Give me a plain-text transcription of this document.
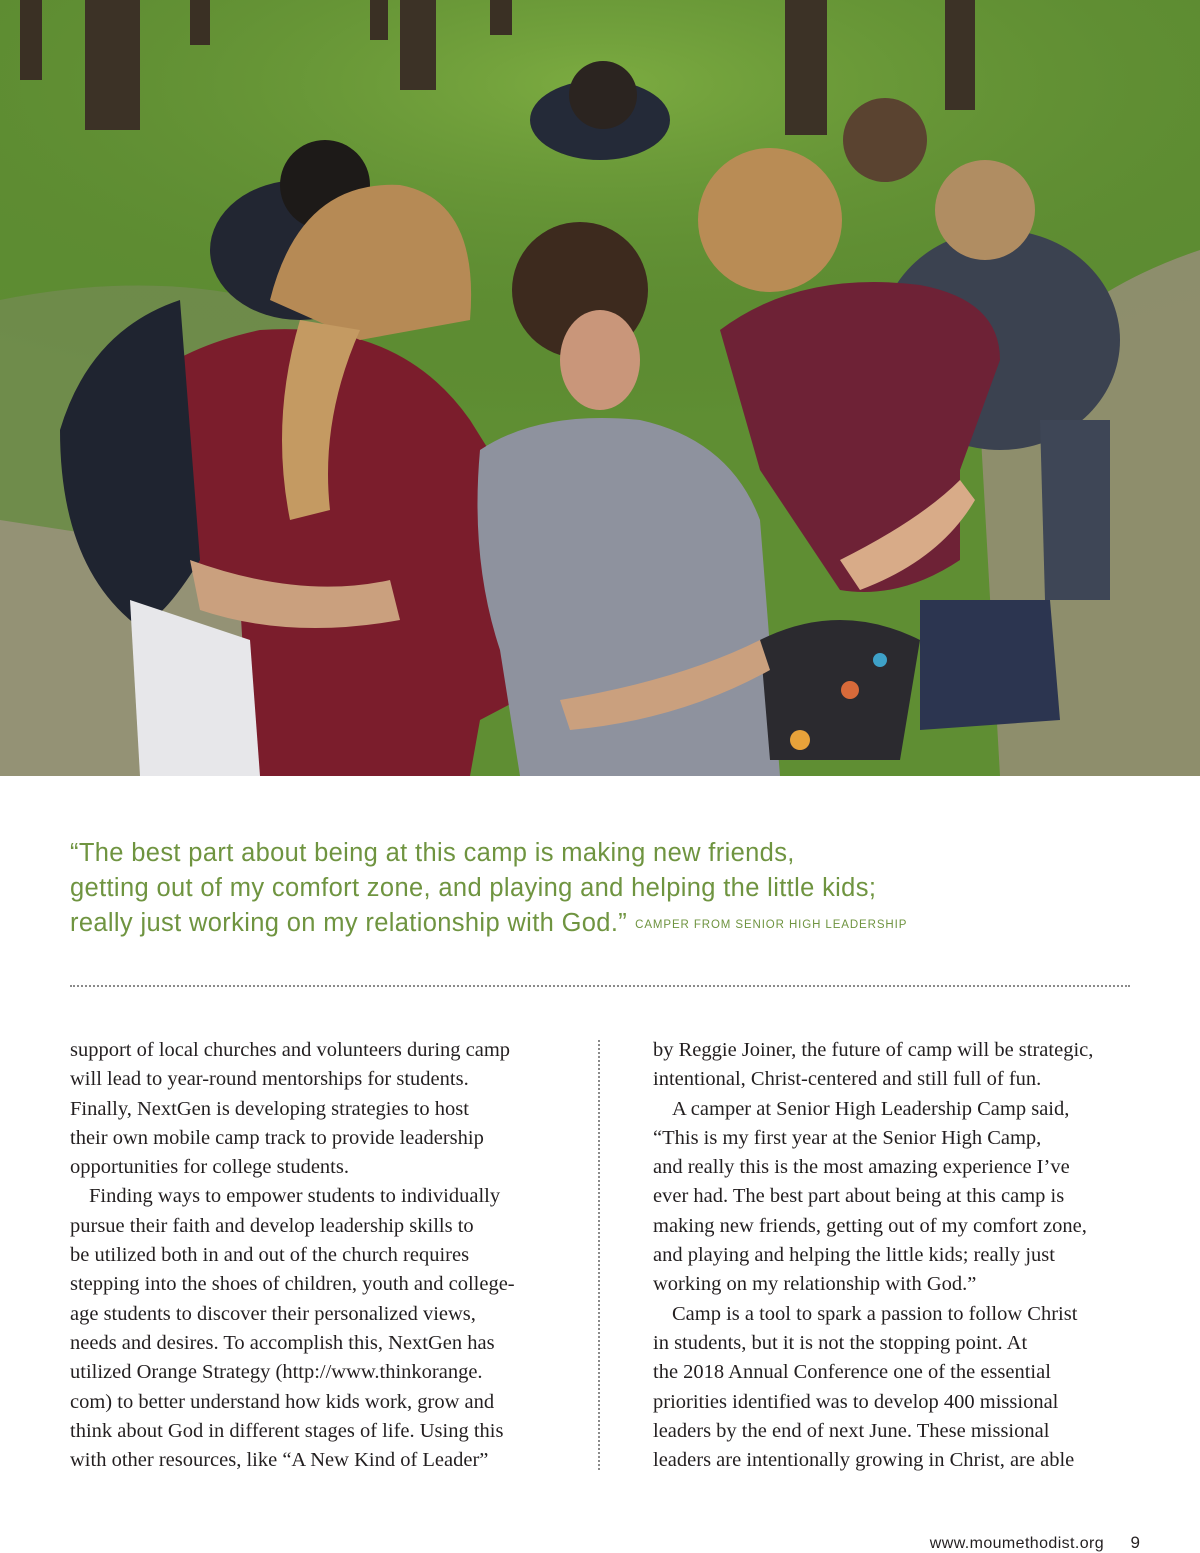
“The best part about being at this camp is making new friends,
getting out of my comfort zone, and playing and helping the little kids;
really just working on my relationship with God.” CAMPER FROM SENIOR HIGH LEADERSHIP
support of local churches and volunteers during camp
will lead to year-round mentorships for students.
Finally, NextGen is developing strategies to host
their own mobile camp track to provide leadership
opportunities for college students.
Finding ways to empower students to individually
pursue their faith and develop leadership skills to
be utilized both in and out of the church requires
stepping into the shoes of children, youth and college-
age students to discover their personalized views,
needs and desires. To accomplish this, NextGen has
utilized Orange Strategy (http://www.thinkorange.
com) to better understand how kids work, grow and
think about God in different stages of life. Using this
with other resources, like “A New Kind of Leader”
by Reggie Joiner, the future of camp will be strategic,
intentional, Christ-centered and still full of fun.
A camper at Senior High Leadership Camp said,
“This is my first year at the Senior High Camp,
and really this is the most amazing experience I’ve
ever had. The best part about being at this camp is
making new friends, getting out of my comfort zone,
and playing and helping the little kids; really just
working on my relationship with God.”
Camp is a tool to spark a passion to follow Christ
in students, but it is not the stopping point. At
the 2018 Annual Conference one of the essential
priorities identified was to develop 400 missional
leaders by the end of next June. These missional
leaders are intentionally growing in Christ, are able
www.moumethodist.org 9
